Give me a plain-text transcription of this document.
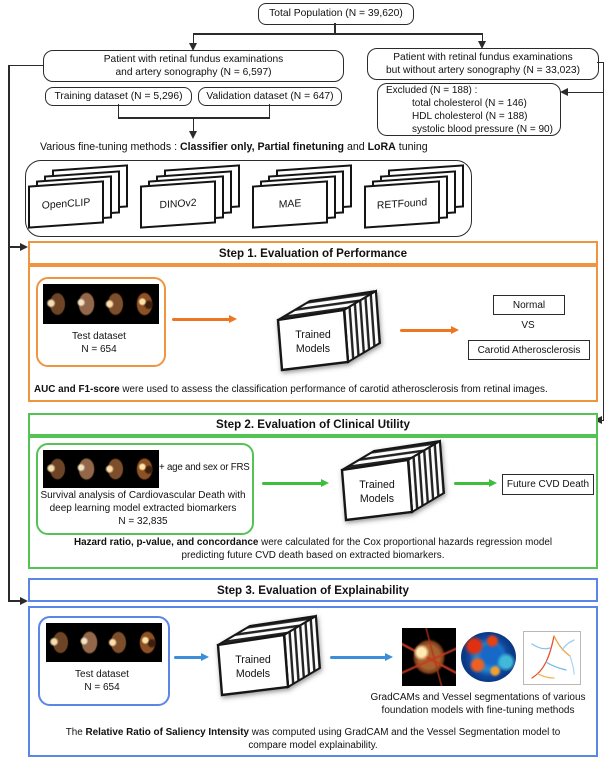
Total Population (N = 39,620)
Patient with retinal fundus examinations
and artery sonography (N = 6,597)
Patient with retinal fundus examinations
but without artery sonography (N = 33,023)
Training dataset (N = 5,296) Validation dataset (N = 647)
Excluded (N = 188) :
total cholesterol (N = 146)
HDL cholesterol (N = 188)
systolic blood pressure (N = 90)
Various fine-tuning methods : Classifier only, Partial finetuning and LoRA tuning
OpenCLIP	DINOv2	MAE	RETFound
Step 1. Evaluation of Performance
Test dataset
N = 654
Trained
Models
Normal
VS
Carotid Atherosclerosis
AUC and F1-score were used to assess the classification performance of carotid atherosclerosis from retinal images.
Step 2. Evaluation of Clinical Utility
+ age and sex or FRS
Survival analysis of Cardiovascular Death with
deep learning model extracted biomarkers
N = 32,835
Trained
Models
Future CVD Death
Hazard ratio, p-value, and concordance were calculated for the Cox proportional hazards regression model
predicting future CVD death based on extracted biomarkers.
Step 3. Evaluation of Explainability
Test dataset
N = 654
Trained
Models
GradCAMs and Vessel segmentations of various
foundation models with fine-tuning methods
The Relative Ratio of Saliency Intensity was computed using GradCAM and the Vessel Segmentation model to
compare model explainability.
